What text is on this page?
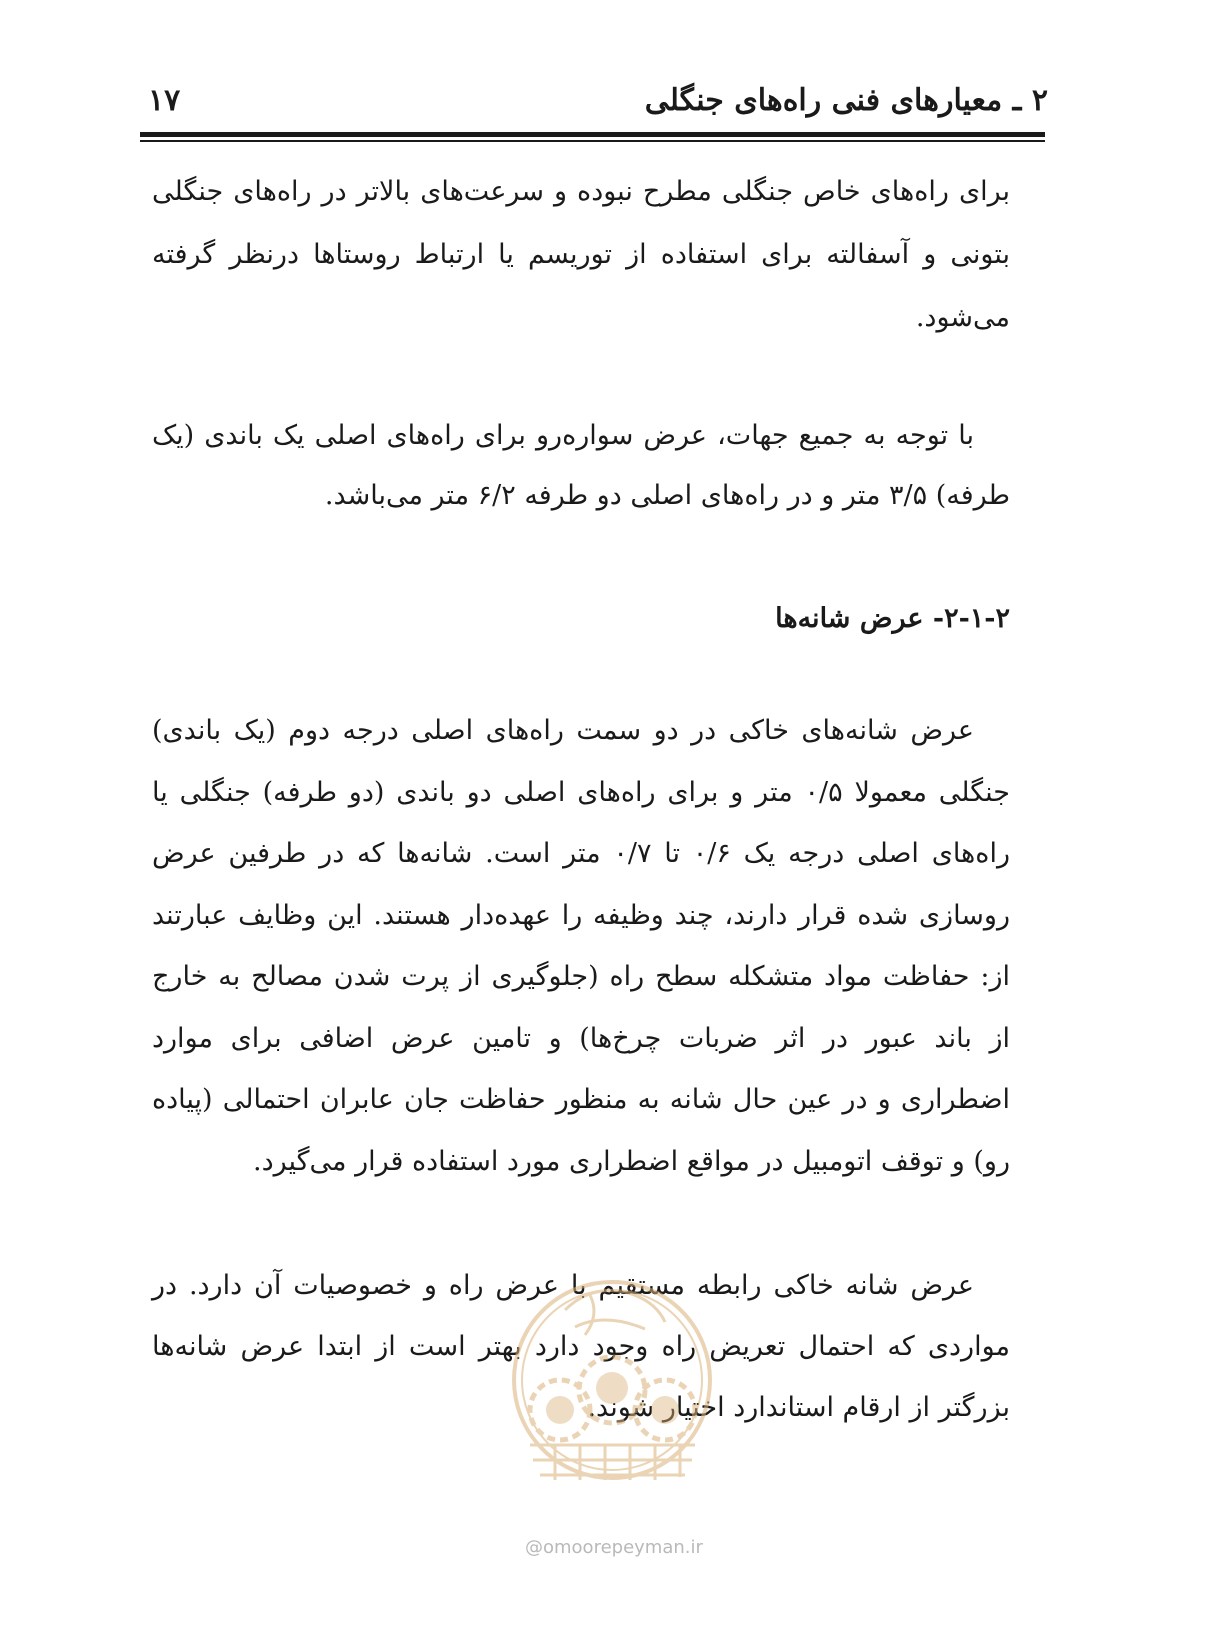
۲ ـ معیارهای فنی راه‌های جنگلی
۱۷

برای راه‌های خاص جنگلی مطرح نبوده و سرعت‌های بالاتر در راه‌های جنگلی بتونی و آسفالته برای استفاده از توریسم یا ارتباط روستاها درنظر گرفته می‌شود.

با توجه به جمیع جهات، عرض سواره‌رو برای راه‌های اصلی یک باندی (یک طرفه) ۳/۵ متر و در راه‌های اصلی دو طرفه ۶/۲ متر می‌باشد.

۲-۱-۲- عرض شانه‌ها

عرض شانه‌های خاکی در دو سمت راه‌های اصلی درجه دوم (یک باندی) جنگلی معمولا ۰/۵ متر و برای راه‌های اصلی دو باندی (دو طرفه) جنگلی یا راه‌های اصلی درجه یک ۰/۶ تا ۰/۷ متر است. شانه‌ها که در طرفین عرض روسازی شده قرار دارند، چند وظیفه را عهده‌دار هستند. این وظایف عبارتند از: حفاظت مواد متشکله سطح راه (جلوگیری از پرت شدن مصالح به خارج از باند عبور در اثر ضربات چرخ‌ها) و تامین عرض اضافی برای موارد اضطراری و در عین حال شانه به منظور حفاظت جان عابران احتمالی (پیاده رو) و توقف اتومبیل در مواقع اضطراری مورد استفاده قرار می‌گیرد.

عرض شانه خاکی رابطه مستقیم با عرض راه و خصوصیات آن دارد. در مواردی که احتمال تعریض راه وجود دارد بهتر است از ابتدا عرض شانه‌ها بزرگتر از ارقام استاندارد اختیار شوند.

@omoorepeyman.ir
